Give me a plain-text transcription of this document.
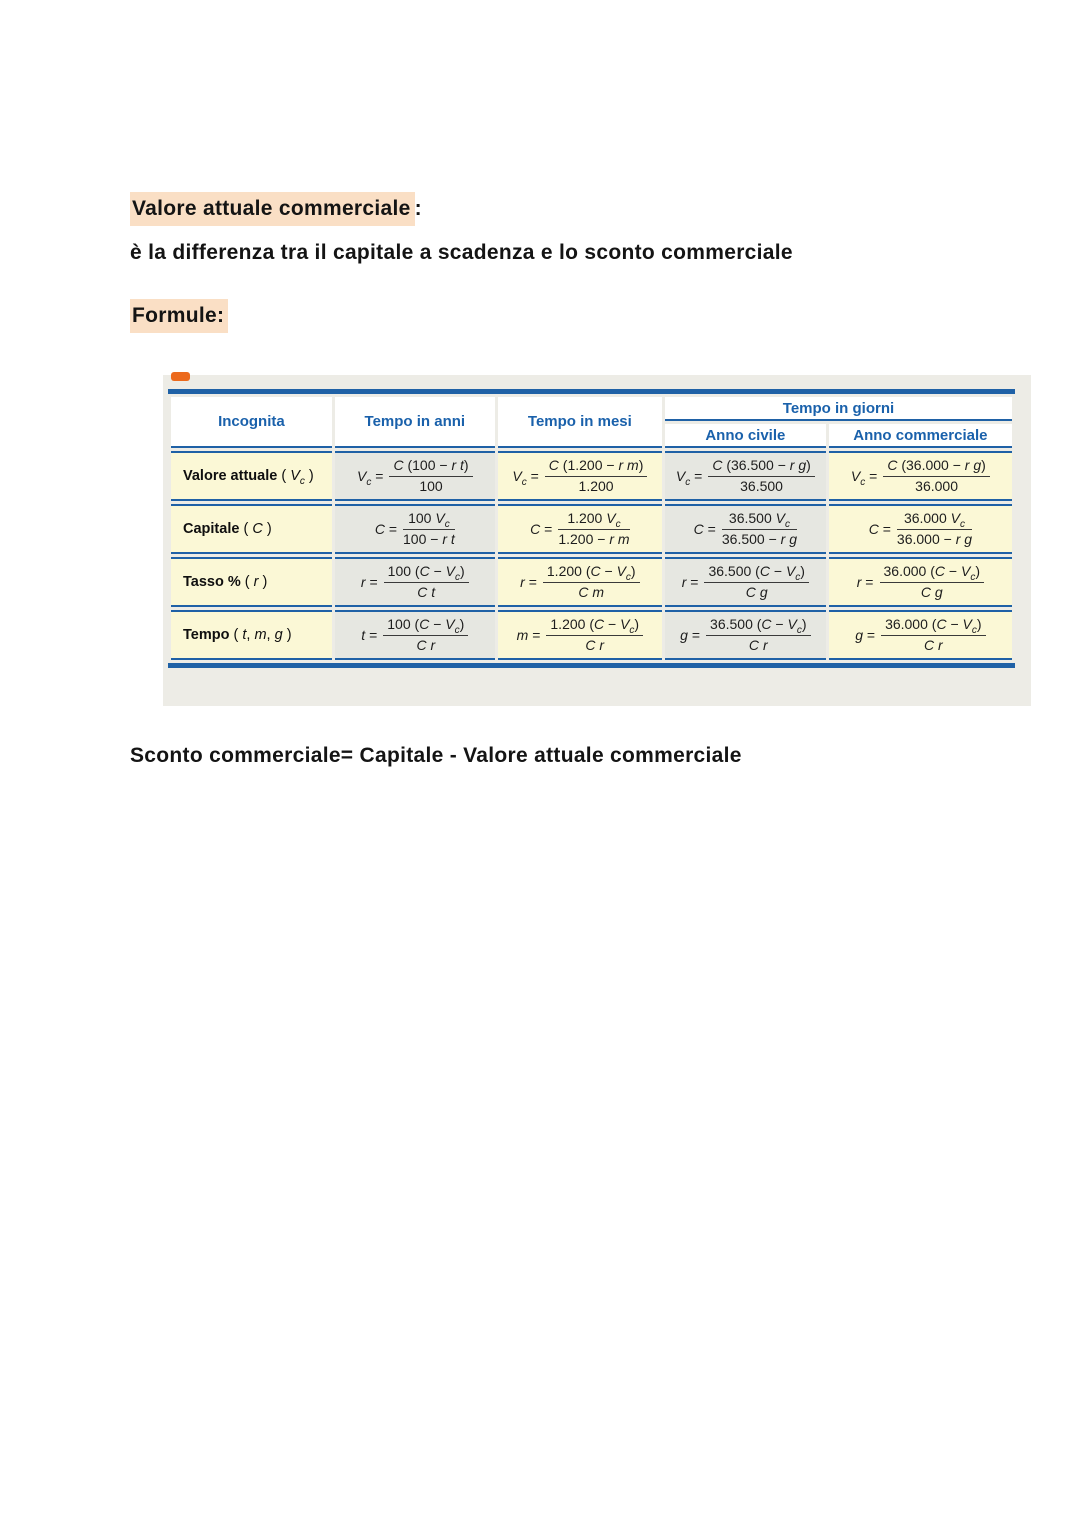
Valore attuale commerciale :
è la differenza tra il capitale a scadenza e lo sconto commerciale
Formule:
Incognita	Tempo in anni	Tempo in mesi	Tempo in giorni	
			Anno civile	Anno commerciale
Valore attuale ( $V_c$ )	$V_c = \frac{\text{C (100 − r t)}}{100}$	$V_c = \frac{\text{C (1.200 − r m)}}{1.200}$	$V_c = \frac{\text{C (36.500 − r g)}}{36.500}$	$V_c = \frac{\text{C (36.000 − r g)}}{36.000}$

Capitale ( C )	$C = \frac{100 V_c}{\text{100 − r t}}$	$C = \frac{1.200 V_c}{\text{1.200 − r m}}$	$C = \frac{36.500 V_c}{\text{36.500 − r g}}$	$C = \frac{36.000 V_c}{\text{36.000 − r g}}$

Tasso % ( r )	$r = \frac{100 (C - V_c)}{\text{C t}}$	$r = \frac{1.200 (C - V_c)}{\text{C m}}$	$r = \frac{36.500 (C - V_c)}{\text{C g}}$	$r = \frac{36.000 (C - V_c)}{\text{C g}}$

Tempo ( t, m, g )	$t = \frac{100 (C - V_c)}{\text{C r}}$	$m = \frac{1.200 (C - V_c)}{\text{C r}}$	$g = \frac{36.500 (C - V_c)}{\text{C r}}$	$g = \frac{36.000 (C - V_c)}{\text{C r}}$
Sconto commerciale= Capitale - Valore attuale commerciale
